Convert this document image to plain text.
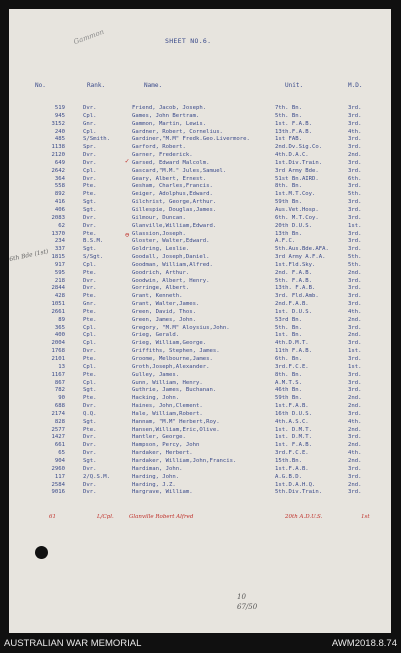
Gammon	SHEET NO.6.
No.	Rank.	Name.	Unit.	M.D.
6th Bde (1st)
519	Dvr.	Friend, Jacob, Joseph.	7th. Bn.	3rd.
945	Cpl.	Games, John Bertram.	5th. Bn.	3rd.
3152	Gnr.	Gammon, Martin, Lewis.	1st. F.A.B.	3rd.
240	Cpl.	Gardner, Robert, Cornelius.	13th.F.A.B.	4th.
485	S/Smith.	Gardiner,"M.M" Fredk.Geo.Livermore.	1st FAB.	3rd.
1138	Spr.	Garford, Robert.	2nd.Dv.Sig.Co.	3rd.
2120	Dvr.	Garner, Frederick.	4th.D.A.C.	2nd.
649	Dvr.	Garsed, Edward Malcolm.	1st.Div.Train.	3rd.
2642	Cpl.	Gascard,"M.M." Jules,Samuel.	3rd Army Bde.	3rd.
364	Dvr.	Geary, Albert, Ernest.	51st Bn.AIRD.	6th.
558	Pte.	Gesham, Charles,Francis.	8th. Bn.	3rd.
892	Pte.	Geiger, Adolphus,Edward.	1st.M.T.Coy.	5th.
416	Sgt.	Gilchrist, George,Arthur.	59th Bn.	3rd.
406	Sgt.	Gillespie, Douglas,James.	Aus.Vet.Hosp.	3rd.
2083	Dvr.	Gilmour, Duncan.	6th. M.T.Coy.	3rd.
62	Dvr.	Glanville,William,Edward.	20th D.U.S.	1st.
1370	Pte.	Glassion,Joseph.	13th Bn.	3rd.
234	B.S.M.	Gloster, Walter,Edward.	A.F.C.	3rd.
337	Sgt.	Goldring, Leslie.	5th.Aus.Bde.AFA.	3rd.
1815	S/Sgt.	Goodall, Joseph,Daniel.	3rd Army A.F.A.	5th.
917	Cpl.	Goodman, William,Alfred.	1st.Fld.Sky.	5th.
595	Pte.	Goodrich, Arthur.	2nd. F.A.B.	2nd.
218	Dvr.	Goodwin, Albert, Henry.	5th. F.A.B.	3rd.
2844	Dvr.	Gorringe, Albert.	13th. F.A.B.	3rd.
428	Pte.	Grant, Kenneth.	3rd. Fld.Amb.	3rd.
1051	Gnr.	Grant, Walter,James.	2nd.F.A.B.	3rd.
2661	Pte.	Green, David, Thos.	1st. D.U.S.	4th.
89	Pte.	Green, James, John.	53rd Bn.	2nd.
365	Cpl.	Gregory, "M.M" Aloysius,John.	5th. Bn.	3rd.
400	Cpl.	Grieg, Gerald.	1st. Bn.	2nd.
2004	Cpl.	Grieg, William,George.	4th.D.M.T.	3rd.
1768	Dvr.	Griffiths, Stephen, James.	11th F.A.B.	1st.
2101	Pte.	Groome, Melbourne,James.	6th. Bn.	3rd.
13	Cpl.	Groth,Joseph,Alexander.	3rd.F.C.E.	1st.
1167	Pte.	Gulley, James.	8th. Bn.	3rd.
867	Cpl.	Gunn, William, Henry.	A.M.T.S.	3rd.
782	Sgt.	Guthrie, James, Buchanan.	46th Bn.	3rd.
90	Pte.	Hacking, John.	59th Bn.	2nd.
688	Dvr.	Haines, John,Clement.	1st.F.A.B.	2nd.
2174	Q.Q.	Hale, William,Robert.	16th D.U.S.	3rd.
828	Sgt.	Hannam, "M.M" Herbert,Roy.	4th.A.S.C.	4th.
2577	Pte.	Hansen,William,Eric,Olive.	1st. D.M.T.	2nd.
1427	Dvr.	Hantler, George.	1st. D.M.T.	3rd.
661	Dvr.	Hampson, Percy, John	1st. F.A.B.	2nd.
65	Dvr.	Hardaker, Herbert.	3rd.F.C.E.	4th.
904	Sgt.	Hardaker, William,John,Francis.	15th.Bn.	2nd.
2960	Dvr.	Hardiman, John.	1st.F.A.B.	3rd.
117	2/Q.S.M.	Harding, John.	A.G.B.D.	3rd.
2584	Dvr.	Harding, J.Z.	1st.D.A.H.Q.	2nd.
9016	Dvr.	Hargrave, William.	5th.Div.Train.	3rd.
✓
⊖
61	L/Cpl.	Glanville Robert Alfred	20th A.D.U.S.	1st
10
67/50
AUSTRALIAN WAR MEMORIAL	AWM2018.8.74
